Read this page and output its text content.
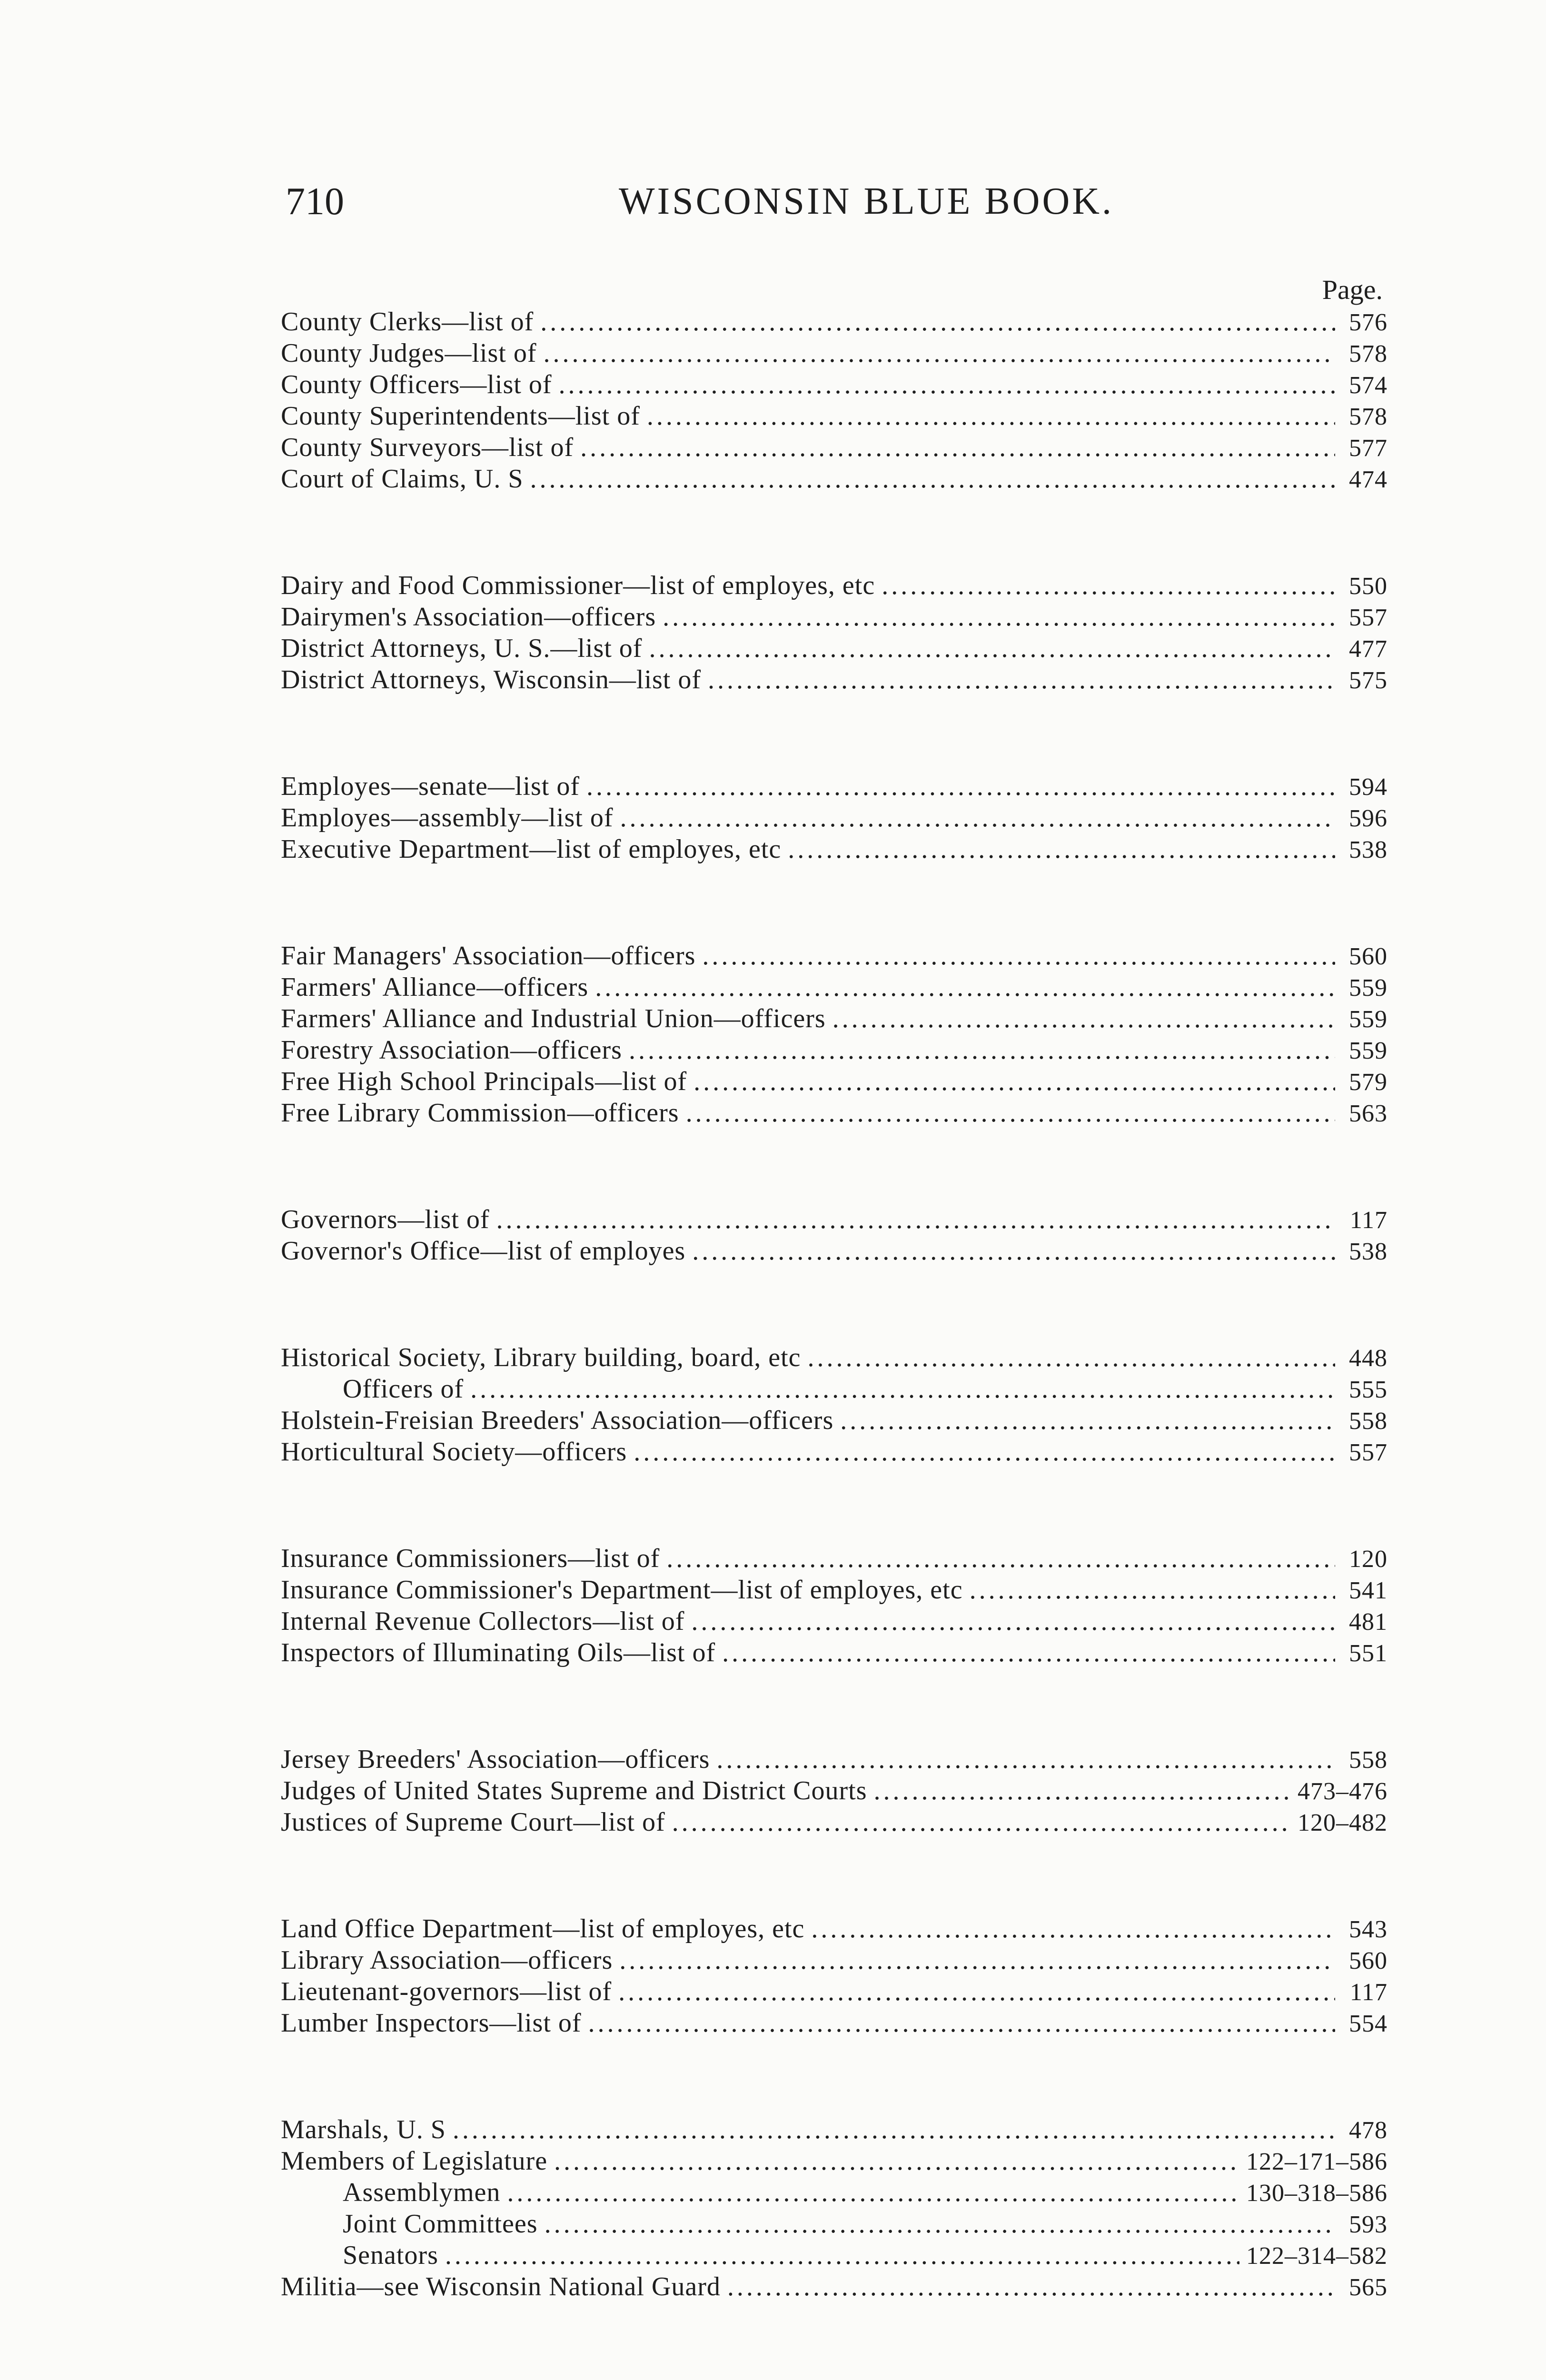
710	WISCONSIN BLUE BOOK.
Page.
County Clerks—list of .....	576
County Judges—list of .....	578
County Officers—list of .....	574
County Superintendents—list of .....	578
County Surveyors—list of .....	577
Court of Claims, U. S .....	474
Dairy and Food Commissioner—list of employes, etc .....	550
Dairymen's Association—officers .....	557
District Attorneys, U. S.—list of .....	477
District Attorneys, Wisconsin—list of .....	575
Employes—senate—list of .....	594
Employes—assembly—list of .....	596
Executive Department—list of employes, etc .....	538
Fair Managers' Association—officers .....	560
Farmers' Alliance—officers .....	559
Farmers' Alliance and Industrial Union—officers .....	559
Forestry Association—officers .....	559
Free High School Principals—list of .....	579
Free Library Commission—officers .....	563
Governors—list of .....	117
Governor's Office—list of employes .....	538
Historical Society, Library building, board, etc .....	448
Officers of .....	555
Holstein-Freisian Breeders' Association—officers .....	558
Horticultural Society—officers .....	557
Insurance Commissioners—list of .....	120
Insurance Commissioner's Department—list of employes, etc .....	541
Internal Revenue Collectors—list of .....	481
Inspectors of Illuminating Oils—list of .....	551
Jersey Breeders' Association—officers .....	558
Judges of United States Supreme and District Courts .....	473–476
Justices of Supreme Court—list of .....	120–482
Land Office Department—list of employes, etc .....	543
Library Association—officers .....	560
Lieutenant-governors—list of .....	117
Lumber Inspectors—list of .....	554
Marshals, U. S .....	478
Members of Legislature .....	122–171–586
Assemblymen .....	130–318–586
Joint Committees .....	593
Senators .....	122–314–582
Militia—see Wisconsin National Guard .....	565
